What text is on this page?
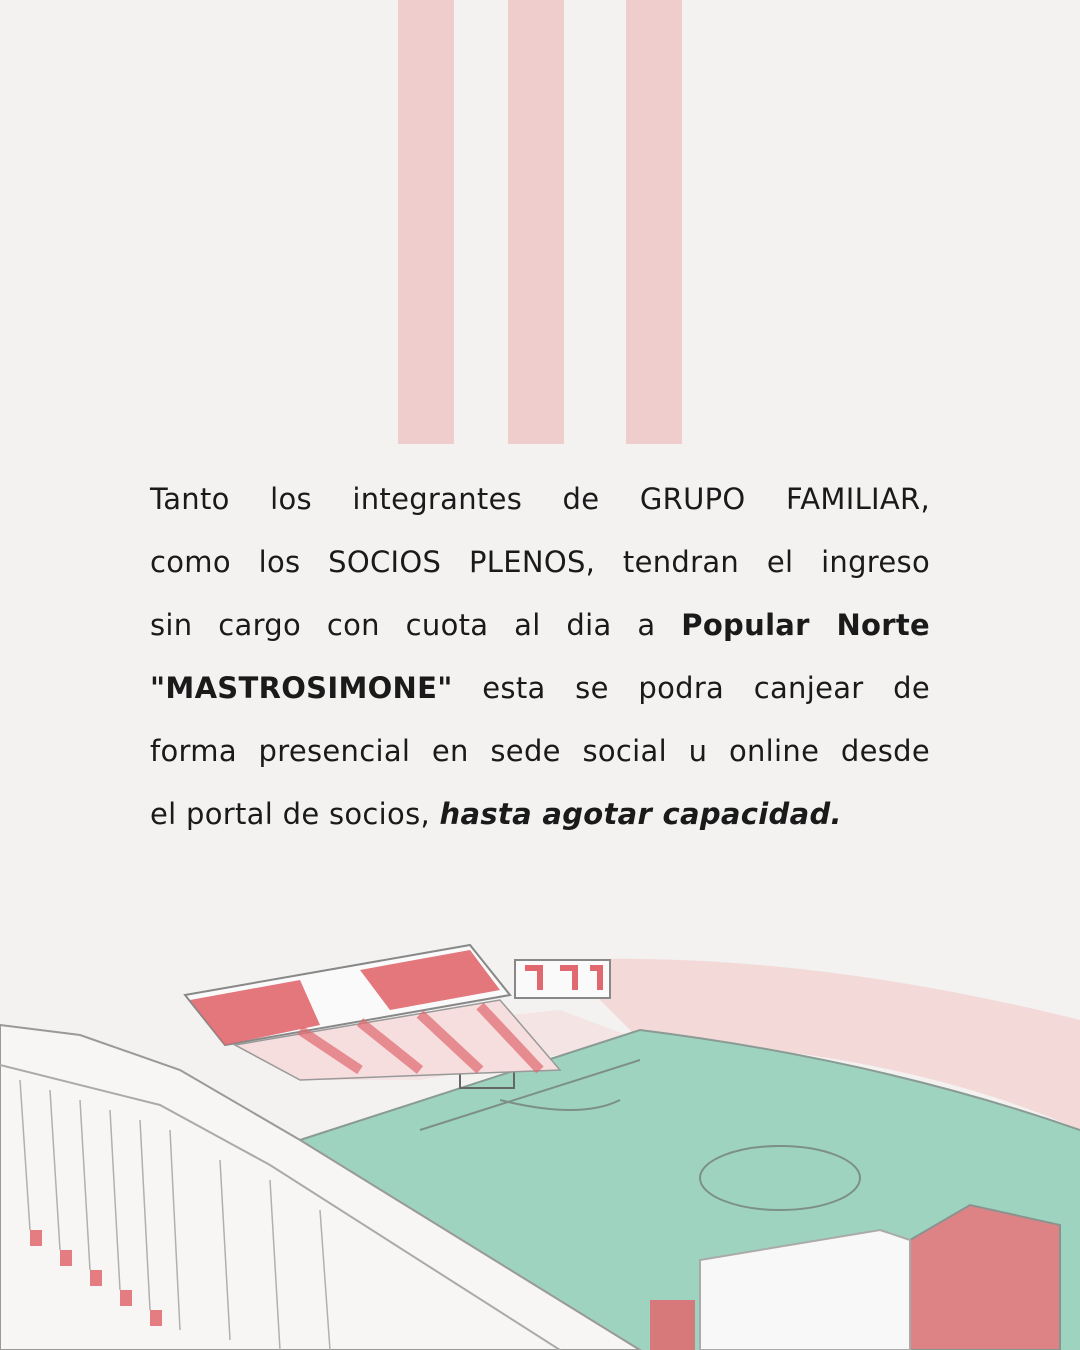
Tanto los integrantes de GRUPO FAMILIAR,
como los SOCIOS PLENOS, tendran el ingreso
sin cargo con cuota al dia a Popular Norte
"MASTROSIMONE" esta se podra canjear de
forma presencial en sede social u online desde
el portal de socios, hasta agotar capacidad.
